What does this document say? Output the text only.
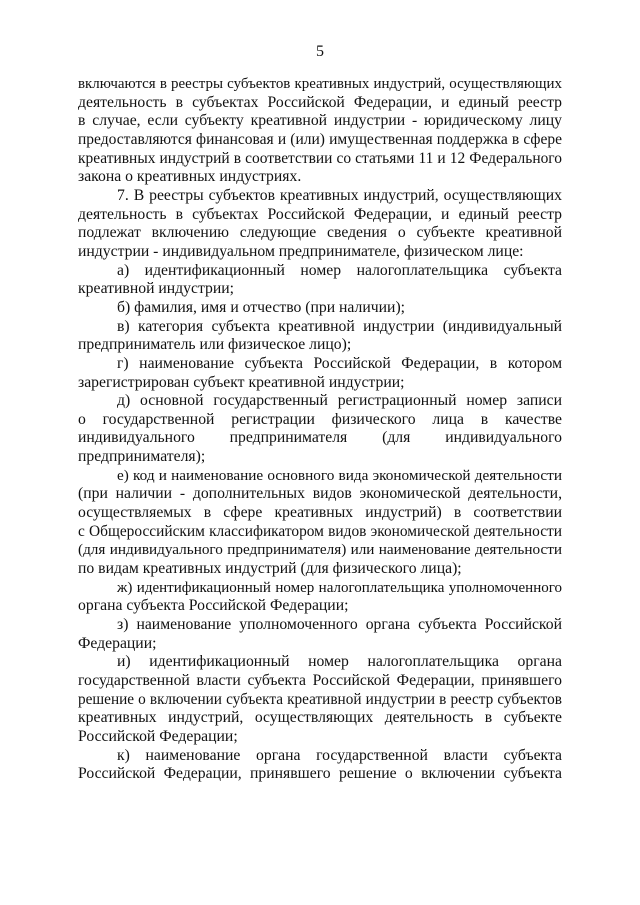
5
включаются в реестры субъектов креативных индустрий, осуществляющих
деятельность в субъектах Российской Федерации, и единый реестр
в случае, если субъекту креативной индустрии - юридическому лицу
предоставляются финансовая и (или) имущественная поддержка в сфере
креативных индустрий в соответствии со статьями 11 и 12 Федерального
закона о креативных индустриях.
7. В реестры субъектов креативных индустрий, осуществляющих
деятельность в субъектах Российской Федерации, и единый реестр
подлежат включению следующие сведения о субъекте креативной
индустрии - индивидуальном предпринимателе, физическом лице:
а) идентификационный номер налогоплательщика субъекта
креативной индустрии;
б) фамилия, имя и отчество (при наличии);
в) категория субъекта креативной индустрии (индивидуальный
предприниматель или физическое лицо);
г) наименование субъекта Российской Федерации, в котором
зарегистрирован субъект креативной индустрии;
д) основной государственный регистрационный номер записи
о государственной регистрации физического лица в качестве
индивидуального предпринимателя (для индивидуального
предпринимателя);
е) код и наименование основного вида экономической деятельности
(при наличии - дополнительных видов экономической деятельности,
осуществляемых в сфере креативных индустрий) в соответствии
с Общероссийским классификатором видов экономической деятельности
(для индивидуального предпринимателя) или наименование деятельности
по видам креативных индустрий (для физического лица);
ж) идентификационный номер налогоплательщика уполномоченного
органа субъекта Российской Федерации;
з) наименование уполномоченного органа субъекта Российской
Федерации;
и) идентификационный номер налогоплательщика органа
государственной власти субъекта Российской Федерации, принявшего
решение о включении субъекта креативной индустрии в реестр субъектов
креативных индустрий, осуществляющих деятельность в субъекте
Российской Федерации;
к) наименование органа государственной власти субъекта
Российской Федерации, принявшего решение о включении субъекта
